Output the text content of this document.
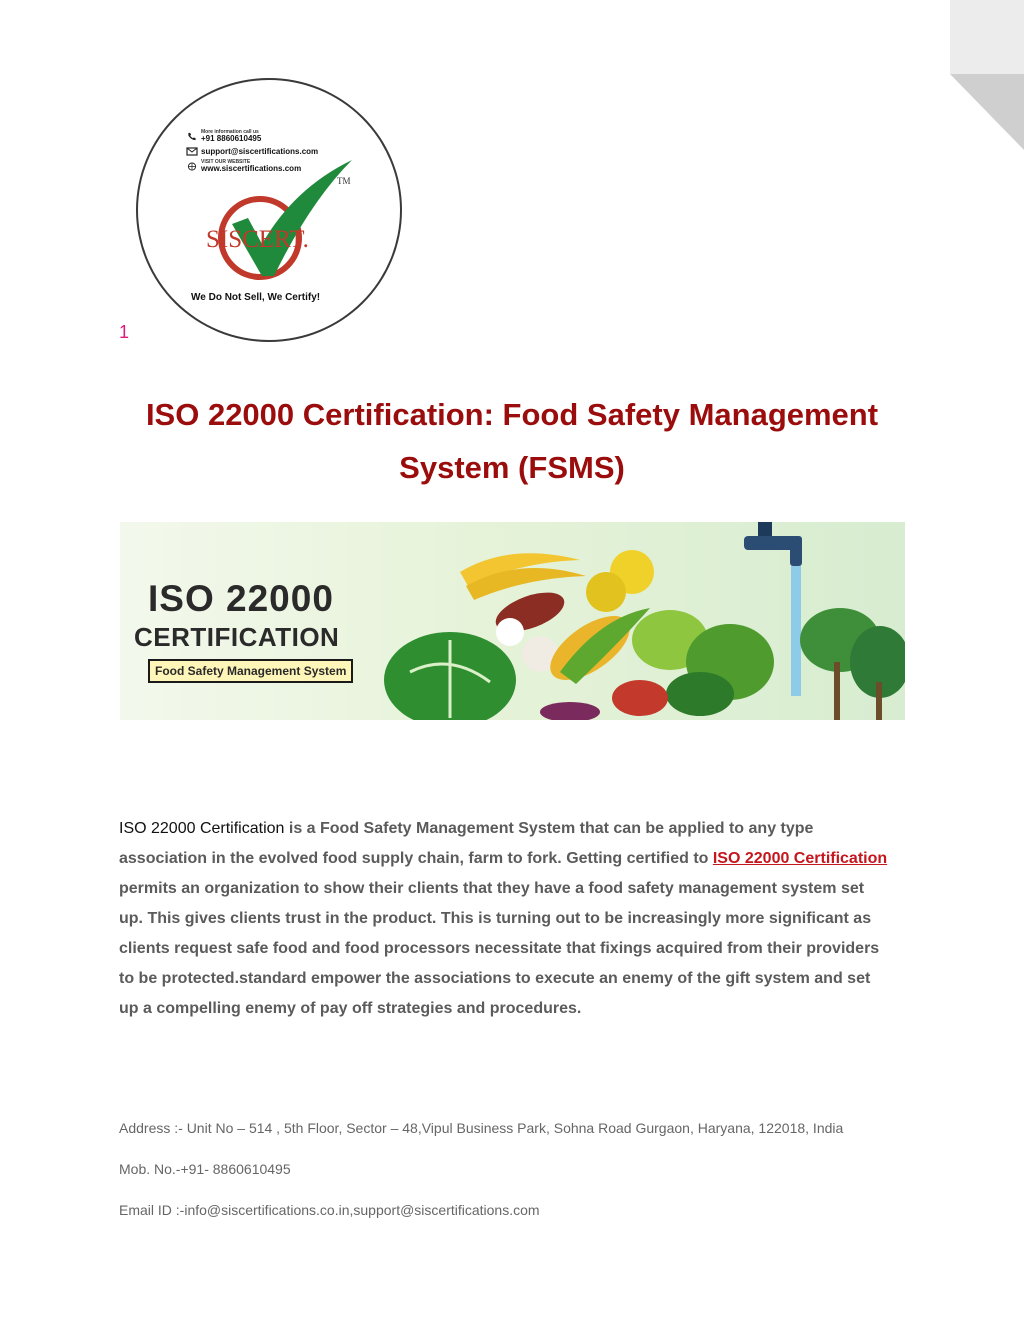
More information call us
+91 8860610495
support@siscertifications.com
VISIT OUR WEBSITE
www.siscertifications.com
SISCERT.
TM
We Do Not Sell, We Certify!
1
ISO 22000 Certification: Food Safety Management System (FSMS)
ISO 22000
CERTIFICATION
Food Safety Management System

ISO 22000 Certification is a Food Safety Management System that can be applied to any type association in the evolved food supply chain, farm to fork. Getting certified to ISO 22000 Certification permits an organization to show their clients that they have a food safety management system set up. This gives clients trust in the product. This is turning out to be increasingly more significant as clients request safe food and food processors necessitate that fixings acquired from their providers to be protected.standard empower the associations to execute an enemy of the gift system and set up a compelling enemy of pay off strategies and procedures.

Address :- Unit No – 514 , 5th Floor, Sector – 48,Vipul Business Park, Sohna Road Gurgaon, Haryana, 122018, India

Mob. No.-+91- 8860610495

Email ID :-info@siscertifications.co.in,support@siscertifications.com
